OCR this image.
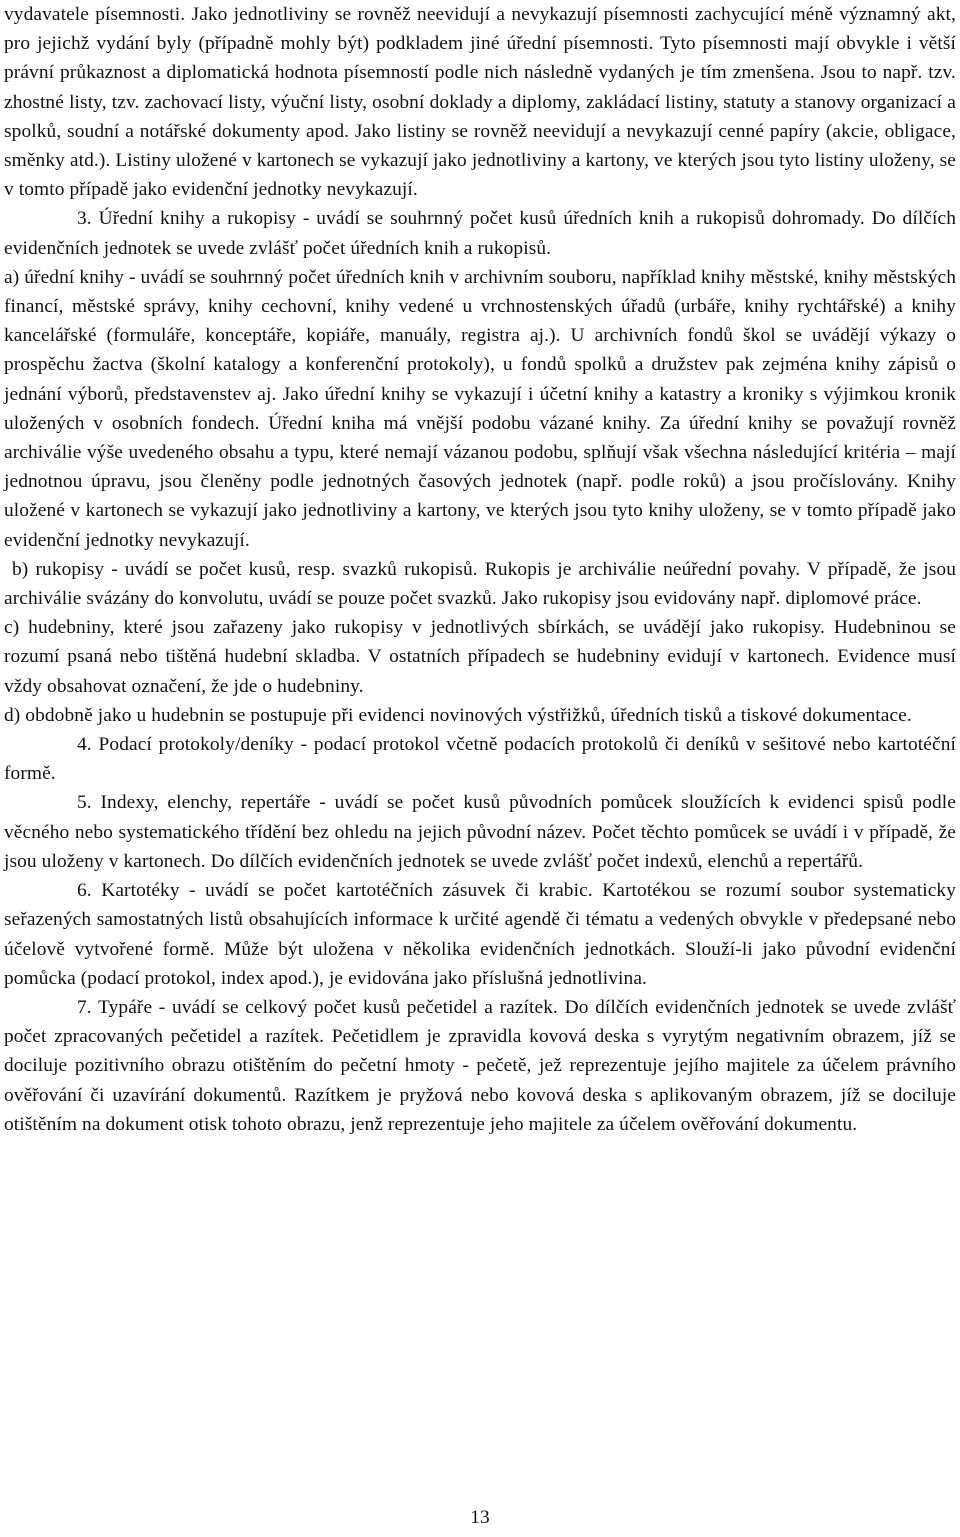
vydavatele písemnosti. Jako jednotliviny se rovněž neevidují a nevykazují písemnosti zachycující méně významný akt, pro jejichž vydání byly (případně mohly být) podkladem jiné úřední písemnosti. Tyto písemnosti mají obvykle i větší právní průkaznost a diplomatická hodnota písemností podle nich následně vydaných je tím zmenšena. Jsou to např. tzv. zhostné listy, tzv. zachovací listy, výuční listy, osobní doklady a diplomy, zakládací listiny, statuty a stanovy organizací a spolků, soudní a notářské dokumenty apod. Jako listiny se rovněž neevidují a nevykazují cenné papíry (akcie, obligace, směnky atd.). Listiny uložené v kartonech se vykazují jako jednotliviny a kartony, ve kterých jsou tyto listiny uloženy, se v tomto případě jako evidenční jednotky nevykazují.

3. Úřední knihy a rukopisy - uvádí se souhrnný počet kusů úředních knih a rukopisů dohromady. Do dílčích evidenčních jednotek se uvede zvlášť počet úředních knih a rukopisů.

a) úřední knihy - uvádí se souhrnný počet úředních knih v archivním souboru, například knihy městské, knihy městských financí, městské správy, knihy cechovní, knihy vedené u vrchnostenských úřadů (urbáře, knihy rychtářské) a knihy kancelářské (formuláře, konceptáře, kopiáře, manuály, registra aj.). U archivních fondů škol se uvádějí výkazy o prospěchu žactva (školní katalogy a konferenční protokoly), u fondů spolků a družstev pak zejména knihy zápisů o jednání výborů, představenstev aj. Jako úřední knihy se vykazují i účetní knihy a katastry a kroniky s výjimkou kronik uložených v osobních fondech. Úřední kniha má vnější podobu vázané knihy. Za úřední knihy se považují rovněž archiválie výše uvedeného obsahu a typu, které nemají vázanou podobu, splňují však všechna následující kritéria – mají jednotnou úpravu, jsou členěny podle jednotných časových jednotek (např. podle roků) a jsou pročíslovány. Knihy uložené v kartonech se vykazují jako jednotliviny a kartony, ve kterých jsou tyto knihy uloženy, se v tomto případě jako evidenční jednotky nevykazují.

b) rukopisy - uvádí se počet kusů, resp. svazků rukopisů. Rukopis je archiválie neúřední povahy. V případě, že jsou archiválie svázány do konvolutu, uvádí se pouze počet svazků. Jako rukopisy jsou evidovány např. diplomové práce.

c) hudebniny, které jsou zařazeny jako rukopisy v jednotlivých sbírkách, se uvádějí jako rukopisy. Hudebninou se rozumí psaná nebo tištěná hudební skladba. V ostatních případech se hudebniny evidují v kartonech. Evidence musí vždy obsahovat označení, že jde o hudebniny.

d) obdobně jako u hudebnin se postupuje při evidenci novinových výstřižků, úředních tisků a tiskové dokumentace.

4. Podací protokoly/deníky - podací protokol včetně podacích protokolů či deníků v sešitové nebo kartotéční formě.

5. Indexy, elenchy, repertáře - uvádí se počet kusů původních pomůcek sloužících k evidenci spisů podle věcného nebo systematického třídění bez ohledu na jejich původní název. Počet těchto pomůcek se uvádí i v případě, že jsou uloženy v kartonech. Do dílčích evidenčních jednotek se uvede zvlášť počet indexů, elenchů a repertářů.

6. Kartotéky - uvádí se počet kartotéčních zásuvek či krabic. Kartotékou se rozumí soubor systematicky seřazených samostatných listů obsahujících informace k určité agendě či tématu a vedených obvykle v předepsané nebo účelově vytvořené formě. Může být uložena v několika evidenčních jednotkách. Slouží-li jako původní evidenční pomůcka (podací protokol, index apod.), je evidována jako příslušná jednotlivina.

7. Typáře - uvádí se celkový počet kusů pečetidel a razítek. Do dílčích evidenčních jednotek se uvede zvlášť počet zpracovaných pečetidel a razítek. Pečetidlem je zpravidla kovová deska s vyrytým negativním obrazem, jíž se dociluje pozitivního obrazu otištěním do pečetní hmoty - pečetě, jež reprezentuje jejího majitele za účelem právního ověřování či uzavírání dokumentů. Razítkem je pryžová nebo kovová deska s aplikovaným obrazem, jíž se dociluje otištěním na dokument otisk tohoto obrazu, jenž reprezentuje jeho majitele za účelem ověřování dokumentu.

13
